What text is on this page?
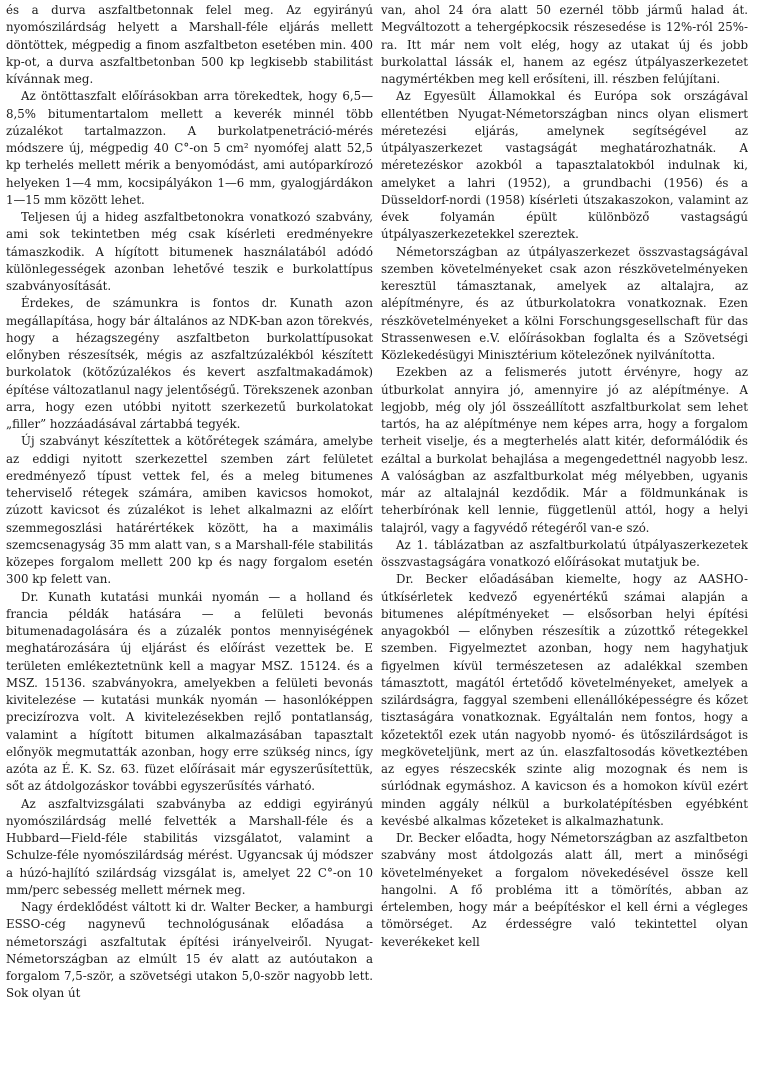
és a durva aszfaltbetonnak felel meg. Az egyirányú nyomószilárdság helyett a Marshall-féle eljárás mellett döntöttek, mégpedig a finom aszfaltbeton esetében min. 400 kp-ot, a durva aszfaltbetonban 500 kp legkisebb stabilitást kívánnak meg.

Az öntöttaszfalt előírásokban arra törekedtek, hogy 6,5—8,5% bitumentartalom mellett a keverék minnél több zúzalékot tartalmazzon. A burkolatpenetráció-mérés módszere új, mégpedig 40 C°-on 5 cm² nyomófej alatt 52,5 kp terhelés mellett mérik a benyomódást, ami autóparkírozó helyeken 1—4 mm, kocsipályákon 1—6 mm, gyalogjárdákon 1—15 mm között lehet.

Teljesen új a hideg aszfaltbetonokra vonatkozó szabvány, ami sok tekintetben még csak kísérleti eredményekre támaszkodik. A hígított bitumenek használatából adódó különlegességek azonban lehetővé teszik e burkolattípus szabványosítását.

Érdekes, de számunkra is fontos dr. Kunath azon megállapítása, hogy bár általános az NDK-ban azon törekvés, hogy a hézagszegény aszfaltbeton burkolattípusokat előnyben részesítsék, mégis az aszfaltzúzalékból készített burkolatok (kötőzúzalékos és kevert aszfaltmakadámok) építése változatlanul nagy jelentőségű. Törekszenek azonban arra, hogy ezen utóbbi nyitott szerkezetű burkolatokat „filler” hozzáadásával zártabbá tegyék.

Új szabványt készítettek a kötőrétegek számára, amelybe az eddigi nyitott szerkezettel szemben zárt felületet eredményező típust vettek fel, és a meleg bitumenes teherviselő rétegek számára, amiben kavicsos homokot, zúzott kavicsot és zúzalékot is lehet alkalmazni az előírt szemmegoszlási határértékek között, ha a maximális szemcsenagyság 35 mm alatt van, s a Marshall-féle stabilitás közepes forgalom mellett 200 kp és nagy forgalom esetén 300 kp felett van.

Dr. Kunath kutatási munkái nyomán — a holland és francia példák hatására — a felületi bevonás bitumenadagolására és a zúzalék pontos mennyiségének meghatározására új eljárást és előírást vezettek be. E területen emlékeztetnünk kell a magyar MSZ. 15124. és a MSZ. 15136. szabványokra, amelyekben a felületi bevonás kivitelezése — kutatási munkák nyomán — hasonlóképpen precizírozva volt. A kivitelezésekben rejlő pontatlanság, valamint a hígított bitumen alkalmazásában tapasztalt előnyök megmutatták azonban, hogy erre szükség nincs, így azóta az É. K. Sz. 63. füzet előírásait már egyszerűsítettük, sőt az átdolgozáskor további egyszerűsítés várható.

Az aszfaltvizsgálati szabványba az eddigi egyirányú nyomószilárdság mellé felvették a Marshall-féle és a Hubbard—Field-féle stabilitás vizsgálatot, valamint a Schulze-féle nyomószilárdság mérést. Ugyancsak új módszer a húzó-hajlító szilárdság vizsgálat is, amelyet 22 C°-on 10 mm/perc sebesség mellett mérnek meg.

Nagy érdeklődést váltott ki dr. Walter Becker, a hamburgi ESSO-cég nagynevű technológusának előadása a németországi aszfaltutak építési irányelveiről. Nyugat-Németországban az elmúlt 15 év alatt az autóutakon a forgalom 7,5-ször, a szövetségi utakon 5,0-ször nagyobb lett. Sok olyan út

van, ahol 24 óra alatt 50 ezernél több jármű halad át. Megváltozott a tehergépkocsik részesedése is 12%-ról 25%-ra. Itt már nem volt elég, hogy az utakat új és jobb burkolattal lássák el, hanem az egész útpályaszerkezetet nagymértékben meg kell erősíteni, ill. részben felújítani.

Az Egyesült Államokkal és Európa sok országával ellentétben Nyugat-Németországban nincs olyan elismert méretezési eljárás, amelynek segítségével az útpályaszerkezet vastagságát meghatározhatnák. A méretezéskor azokból a tapasztalatokból indulnak ki, amelyket a lahri (1952), a grundbachi (1956) és a Düsseldorf-nordi (1958) kísérleti útszakaszokon, valamint az évek folyamán épült különböző vastagságú útpályaszerkezetekkel szereztek.

Németországban az útpályaszerkezet összvastagságával szemben követelményeket csak azon részkövetelményeken keresztül támasztanak, amelyek az altalajra, az alépítményre, és az útburkolatokra vonatkoznak. Ezen részkövetelményeket a kölni Forschungsgesellschaft für das Strassenwesen e.V. előírásokban foglalta és a Szövetségi Közlekedésügyi Minisztérium kötelezőnek nyilvánította.

Ezekben az a felismerés jutott érvényre, hogy az útburkolat annyira jó, amennyire jó az alépítménye. A legjobb, még oly jól összeállított aszfaltburkolat sem lehet tartós, ha az alépítménye nem képes arra, hogy a forgalom terheit viselje, és a megterhelés alatt kitér, deformálódik és ezáltal a burkolat behajlása a megengedettnél nagyobb lesz. A valóságban az aszfaltburkolat még mélyebben, ugyanis már az altalajnál kezdődik. Már a földmunkának is teherbírónak kell lennie, függetlenül attól, hogy a helyi talajról, vagy a fagyvédő rétegéről van-e szó.

Az 1. táblázatban az aszfaltburkolatú útpályaszerkezetek összvastagságára vonatkozó előírásokat mutatjuk be.

Dr. Becker előadásában kiemelte, hogy az AASHO-útkísérletek kedvező egyenértékű számai alapján a bitumenes alépítményeket — elsősorban helyi építési anyagokból — előnyben részesítik a zúzottkő rétegekkel szemben. Figyelmeztet azonban, hogy nem hagyhatjuk figyelmen kívül természetesen az adalékkal szemben támasztott, magától értetődő követelményeket, amelyek a szilárdságra, faggyal szembeni ellenállóképességre és kőzet tisztaságára vonatkoznak. Egyáltalán nem fontos, hogy a kőzetektől ezek után nagyobb nyomó- és ütőszilárdságot is megköveteljünk, mert az ún. elaszfaltosodás következtében az egyes részecskék szinte alig mozognak és nem is súrlódnak egymáshoz. A kavicson és a homokon kívül ezért minden aggály nélkül a burkolatépítésben egyébként kevésbé alkalmas kőzeteket is alkalmazhatunk.

Dr. Becker előadta, hogy Németországban az aszfaltbeton szabvány most átdolgozás alatt áll, mert a minőségi követelményeket a forgalom növekedésével össze kell hangolni. A fő probléma itt a tömörítés, abban az értelemben, hogy már a beépítéskor el kell érni a végleges tömörséget. Az érdességre való tekintettel olyan keverékeket kell
